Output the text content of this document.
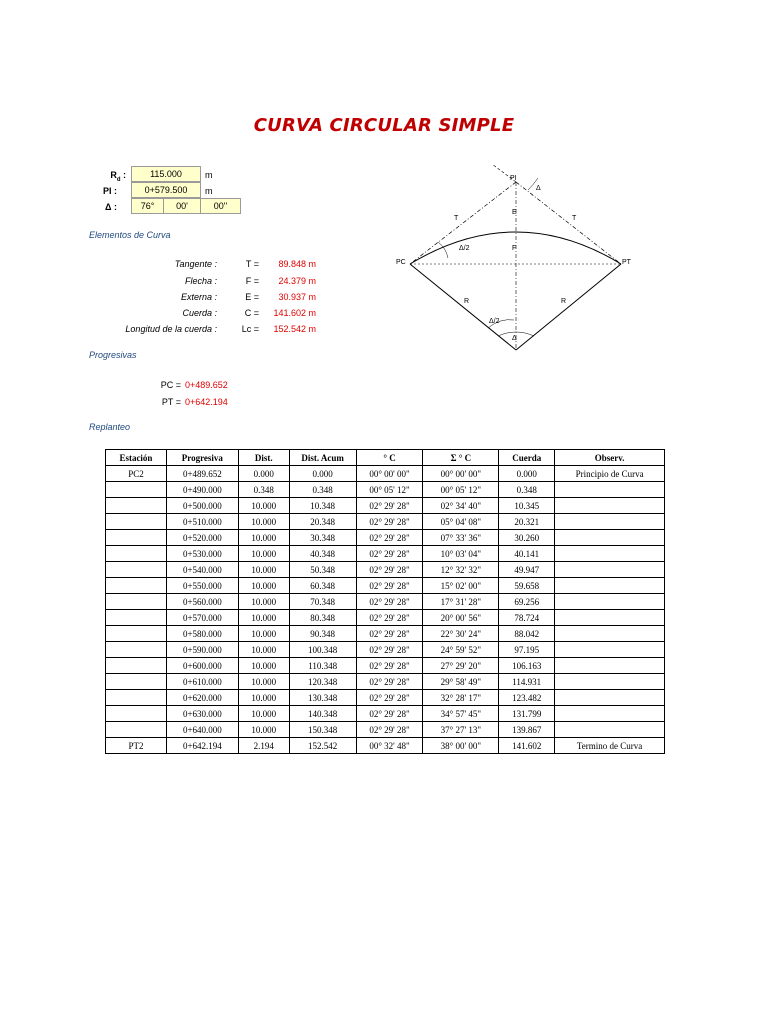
CURVA CIRCULAR SIMPLE
$R_d$ :	115.000	m
PI :	0+579.500	m
Δ :	76°	00'	00''
Elementos de Curva
Tangente :	T =	89.848 m
Flecha :	F =	24.379 m
Externa :	E =	30.937 m
Cuerda :	C =	141.602 m
Longitud de la cuerda :	Lc =	152.542 m
Progresivas
PC = 0+489.652
PT = 0+642.194
Replanteo
Estación	Progresiva	Dist.	Dist. Acum	° C	Σ ° C	Cuerda	Observ.
PC2	0+489.652	0.000	0.000	00° 00' 00"	00° 00' 00"	0.000	Principio de Curva
	0+490.000	0.348	0.348	00° 05' 12"	00° 05' 12"	0.348	
	0+500.000	10.000	10.348	02° 29' 28"	02° 34' 40"	10.345	
	0+510.000	10.000	20.348	02° 29' 28"	05° 04' 08"	20.321	
	0+520.000	10.000	30.348	02° 29' 28"	07° 33' 36"	30.260	
	0+530.000	10.000	40.348	02° 29' 28"	10° 03' 04"	40.141	
	0+540.000	10.000	50.348	02° 29' 28"	12° 32' 32"	49.947	
	0+550.000	10.000	60.348	02° 29' 28"	15° 02' 00"	59.658	
	0+560.000	10.000	70.348	02° 29' 28"	17° 31' 28"	69.256	
	0+570.000	10.000	80.348	02° 29' 28"	20° 00' 56"	78.724	
	0+580.000	10.000	90.348	02° 29' 28"	22° 30' 24"	88.042	
	0+590.000	10.000	100.348	02° 29' 28"	24° 59' 52"	97.195	
	0+600.000	10.000	110.348	02° 29' 28"	27° 29' 20"	106.163	
	0+610.000	10.000	120.348	02° 29' 28"	29° 58' 49"	114.931	
	0+620.000	10.000	130.348	02° 29' 28"	32° 28' 17"	123.482	
	0+630.000	10.000	140.348	02° 29' 28"	34° 57' 45"	131.799	
	0+640.000	10.000	150.348	02° 29' 28"	37° 27' 13"	139.867	
PT2	0+642.194	2.194	152.542	00° 32' 48"	38° 00' 00"	141.602	Termino de Curva
PI
Δ
E
T	T
Δ/2	F
PC	PT
R	R
Δ/2
Δ
